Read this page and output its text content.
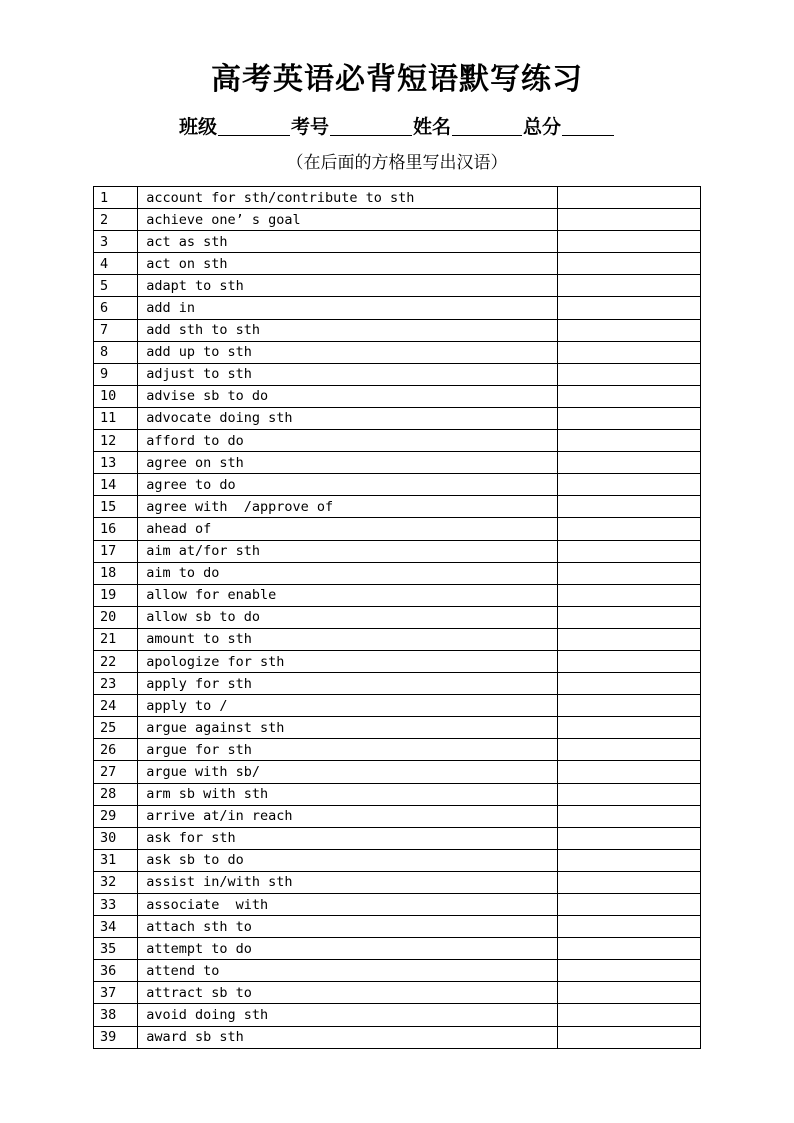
高考英语必背短语默写练习
班级	考号	姓名	总分
（在后面的方格里写出汉语）
1	account for sth/contribute to sth	
2	achieve one’ s goal	
3	act as sth	
4	act on sth	
5	adapt to sth	
6	add in	
7	add sth to sth	
8	add up to sth	
9	adjust to sth	
10	advise sb to do	
11	advocate doing sth	
12	afford to do	
13	agree on sth	
14	agree to do	
15	agree with  /approve of	
16	ahead of	
17	aim at/for sth	
18	aim to do	
19	allow for enable	
20	allow sb to do	
21	amount to sth	
22	apologize for sth	
23	apply for sth	
24	apply to /	
25	argue against sth	
26	argue for sth	
27	argue with sb/	
28	arm sb with sth	
29	arrive at/in reach	
30	ask for sth	
31	ask sb to do	
32	assist in/with sth	
33	associate  with	
34	attach sth to	
35	attempt to do	
36	attend to	
37	attract sb to	
38	avoid doing sth	
39	award sb sth	
